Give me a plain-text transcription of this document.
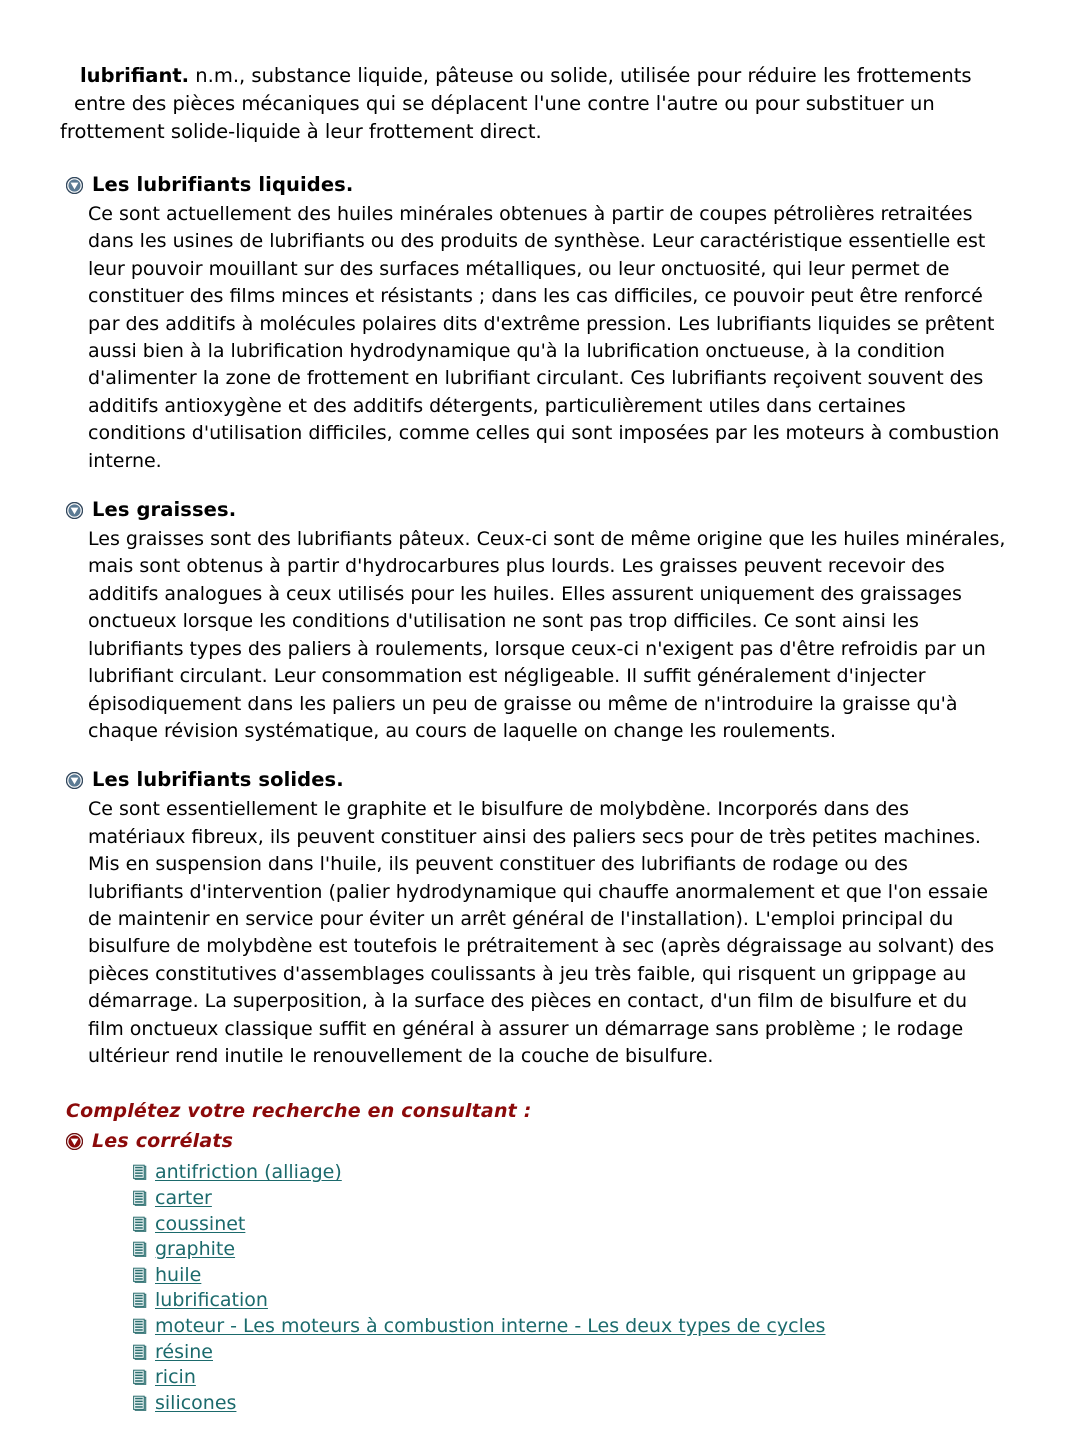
lubrifiant. n.m., substance liquide, pâteuse ou solide, utilisée pour réduire les frottements
entre des pièces mécaniques qui se déplacent l'une contre l'autre ou pour substituer un
frottement solide-liquide à leur frottement direct.

Les lubrifiants liquides.

Ce sont actuellement des huiles minérales obtenues à partir de coupes pétrolières retraitées dans les usines de lubrifiants ou des produits de synthèse. Leur caractéristique essentielle est leur pouvoir mouillant sur des surfaces métalliques, ou leur onctuosité, qui leur permet de constituer des films minces et résistants ; dans les cas difficiles, ce pouvoir peut être renforcé par des additifs à molécules polaires dits d'extrême pression. Les lubrifiants liquides se prêtent aussi bien à la lubrification hydrodynamique qu'à la lubrification onctueuse, à la condition d'alimenter la zone de frottement en lubrifiant circulant. Ces lubrifiants reçoivent souvent des additifs antioxygène et des additifs détergents, particulièrement utiles dans certaines conditions d'utilisation difficiles, comme celles qui sont imposées par les moteurs à combustion interne.

Les graisses.

Les graisses sont des lubrifiants pâteux. Ceux-ci sont de même origine que les huiles minérales, mais sont obtenus à partir d'hydrocarbures plus lourds. Les graisses peuvent recevoir des additifs analogues à ceux utilisés pour les huiles. Elles assurent uniquement des graissages onctueux lorsque les conditions d'utilisation ne sont pas trop difficiles. Ce sont ainsi les lubrifiants types des paliers à roulements, lorsque ceux-ci n'exigent pas d'être refroidis par un lubrifiant circulant. Leur consommation est négligeable. Il suffit généralement d'injecter épisodiquement dans les paliers un peu de graisse ou même de n'introduire la graisse qu'à chaque révision systématique, au cours de laquelle on change les roulements.

Les lubrifiants solides.

Ce sont essentiellement le graphite et le bisulfure de molybdène. Incorporés dans des matériaux fibreux, ils peuvent constituer ainsi des paliers secs pour de très petites machines. Mis en suspension dans l'huile, ils peuvent constituer des lubrifiants de rodage ou des lubrifiants d'intervention (palier hydrodynamique qui chauffe anormalement et que l'on essaie de maintenir en service pour éviter un arrêt général de l'installation). L'emploi principal du bisulfure de molybdène est toutefois le prétraitement à sec (après dégraissage au solvant) des pièces constitutives d'assemblages coulissants à jeu très faible, qui risquent un grippage au démarrage. La superposition, à la surface des pièces en contact, d'un film de bisulfure et du film onctueux classique suffit en général à assurer un démarrage sans problème ; le rodage ultérieur rend inutile le renouvellement de la couche de bisulfure.

Complétez votre recherche en consultant :
Les corrélats
antifriction (alliage)
carter
coussinet
graphite
huile
lubrification
moteur - Les moteurs à combustion interne - Les deux types de cycles
résine
ricin
silicones
